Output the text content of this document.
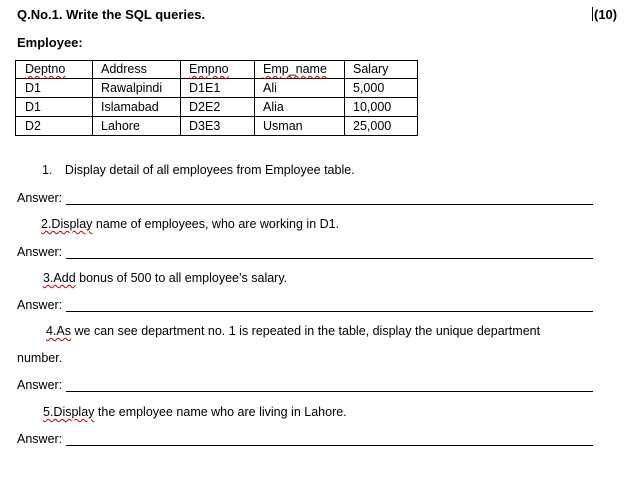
Q.No.1. Write the SQL queries.	(10)
Employee:
Deptno	Address	Empno	Emp_name	Salary
D1	Rawalpindi	D1E1	Ali	5,000
D1	Islamabad	D2E2	Alia	10,000
D2	Lahore	D3E3	Usman	25,000
1. Display detail of all employees from Employee table.
Answer:
2.Display name of employees, who are working in D1.
Answer:
3.Add bonus of 500 to all employee’s salary.
Answer:
4.As we can see department no. 1 is repeated in the table, display the unique department
number.
Answer:
5.Display the employee name who are living in Lahore.
Answer:
